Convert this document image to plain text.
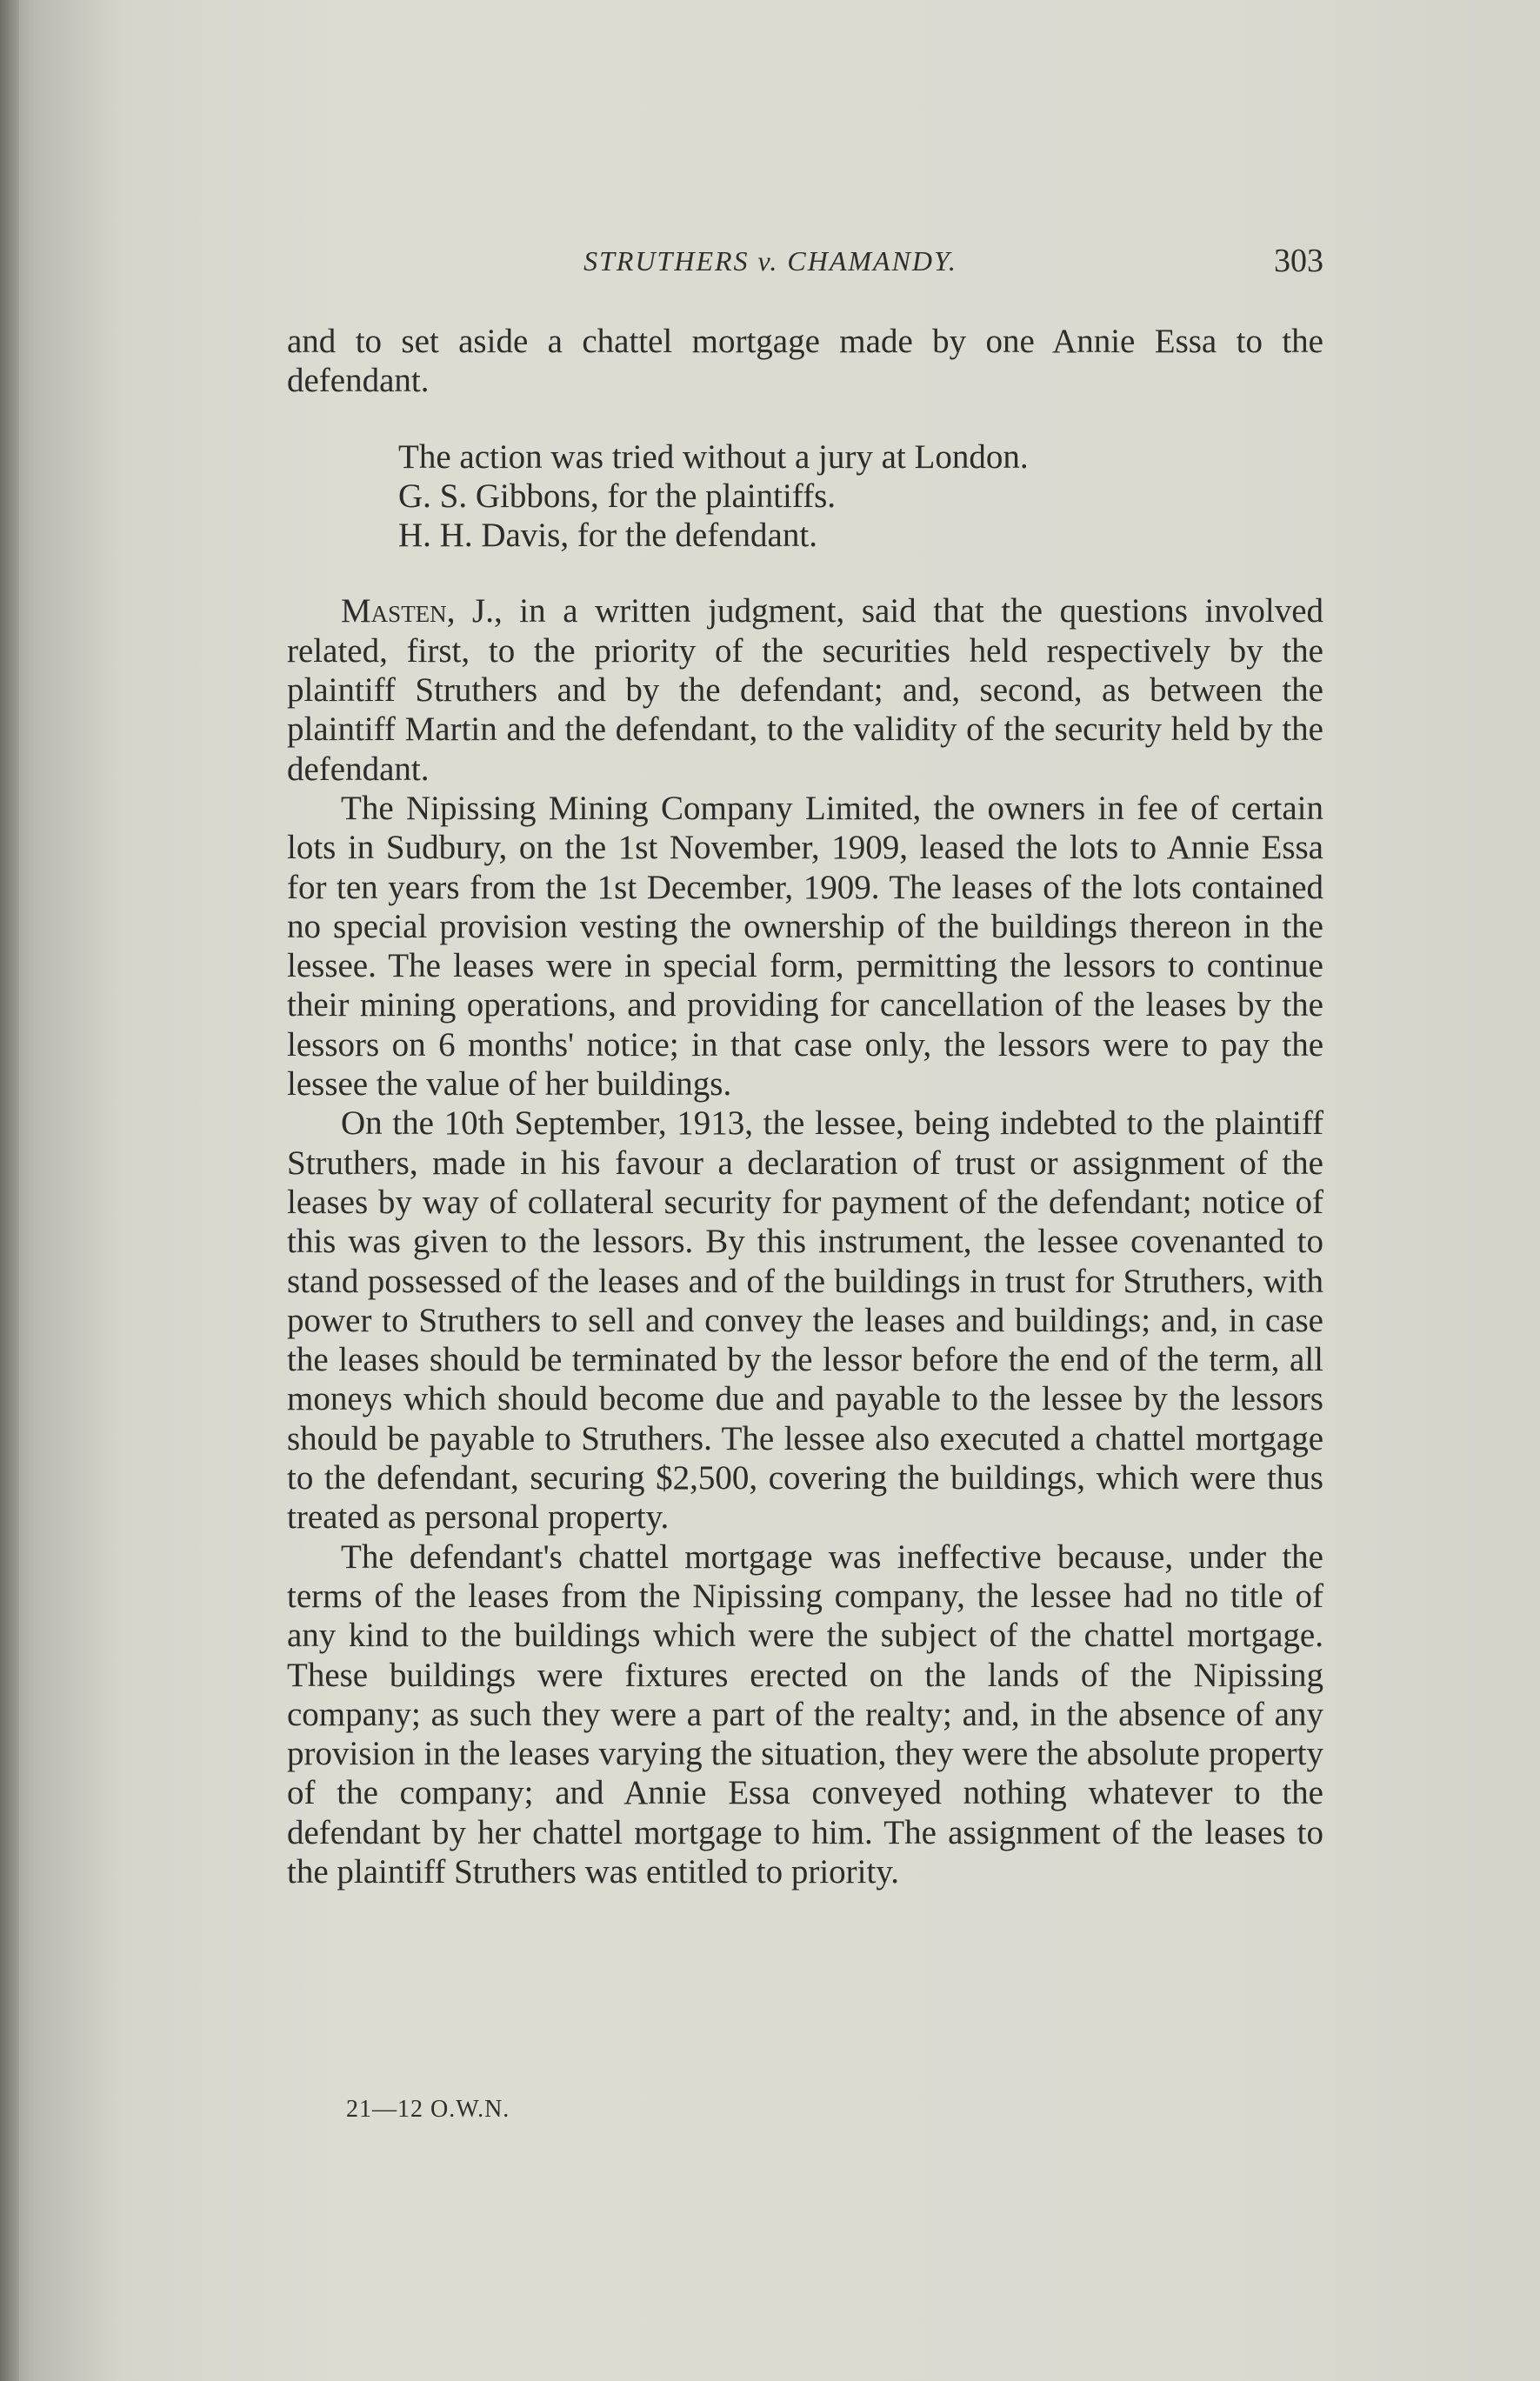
STRUTHERS v. CHAMANDY.	303

and to set aside a chattel mortgage made by one Annie Essa to the defendant.

The action was tried without a jury at London.

G. S. Gibbons, for the plaintiffs.

H. H. Davis, for the defendant.

Masten, J., in a written judgment, said that the questions involved related, first, to the priority of the securities held respectively by the plaintiff Struthers and by the defendant; and, second, as between the plaintiff Martin and the defendant, to the validity of the security held by the defendant.

The Nipissing Mining Company Limited, the owners in fee of certain lots in Sudbury, on the 1st November, 1909, leased the lots to Annie Essa for ten years from the 1st December, 1909. The leases of the lots contained no special provision vesting the ownership of the buildings thereon in the lessee. The leases were in special form, permitting the lessors to continue their mining operations, and providing for cancellation of the leases by the lessors on 6 months' notice; in that case only, the lessors were to pay the lessee the value of her buildings.

On the 10th September, 1913, the lessee, being indebted to the plaintiff Struthers, made in his favour a declaration of trust or assignment of the leases by way of collateral security for payment of the defendant; notice of this was given to the lessors. By this instrument, the lessee covenanted to stand possessed of the leases and of the buildings in trust for Struthers, with power to Struthers to sell and convey the leases and buildings; and, in case the leases should be terminated by the lessor before the end of the term, all moneys which should become due and payable to the lessee by the lessors should be payable to Struthers. The lessee also executed a chattel mortgage to the defendant, securing $2,500, covering the buildings, which were thus treated as personal property.

The defendant's chattel mortgage was ineffective because, under the terms of the leases from the Nipissing company, the lessee had no title of any kind to the buildings which were the subject of the chattel mortgage. These buildings were fixtures erected on the lands of the Nipissing company; as such they were a part of the realty; and, in the absence of any provision in the leases varying the situation, they were the absolute property of the company; and Annie Essa conveyed nothing whatever to the defendant by her chattel mortgage to him. The assignment of the leases to the plaintiff Struthers was entitled to priority.

21—12 O.W.N.
